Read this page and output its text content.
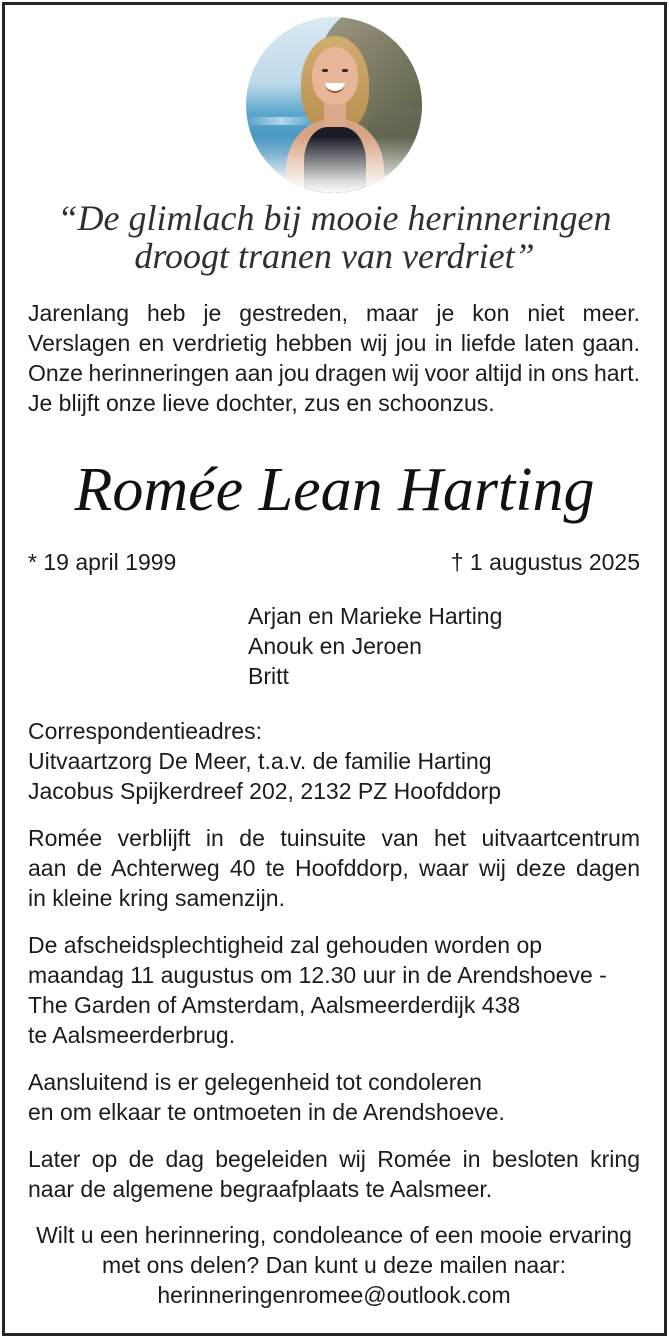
“De glimlach bij mooie herinneringen
droogt tranen van verdriet”
Jarenlang heb je gestreden, maar je kon niet meer.
Verslagen en verdrietig hebben wij jou in liefde laten gaan.
Onze herinneringen aan jou dragen wij voor altijd in ons hart.
Je blijft onze lieve dochter, zus en schoonzus.
Romée Lean Harting
* 19 april 1999	† 1 augustus 2025
Arjan en Marieke Harting
Anouk en Jeroen
Britt
Correspondentieadres:
Uitvaartzorg De Meer, t.a.v. de familie Harting
Jacobus Spijkerdreef 202, 2132 PZ Hoofddorp
Romée verblijft in de tuinsuite van het uitvaartcentrum
aan de Achterweg 40 te Hoofddorp, waar wij deze dagen
in kleine kring samenzijn.
De afscheidsplechtigheid zal gehouden worden op
maandag 11 augustus om 12.30 uur in de Arendshoeve -
The Garden of Amsterdam, Aalsmeerderdijk 438
te Aalsmeerderbrug.
Aansluitend is er gelegenheid tot condoleren
en om elkaar te ontmoeten in de Arendshoeve.
Later op de dag begeleiden wij Romée in besloten kring
naar de algemene begraafplaats te Aalsmeer.
Wilt u een herinnering, condoleance of een mooie ervaring
met ons delen? Dan kunt u deze mailen naar:
herinneringenromee@outlook.com
